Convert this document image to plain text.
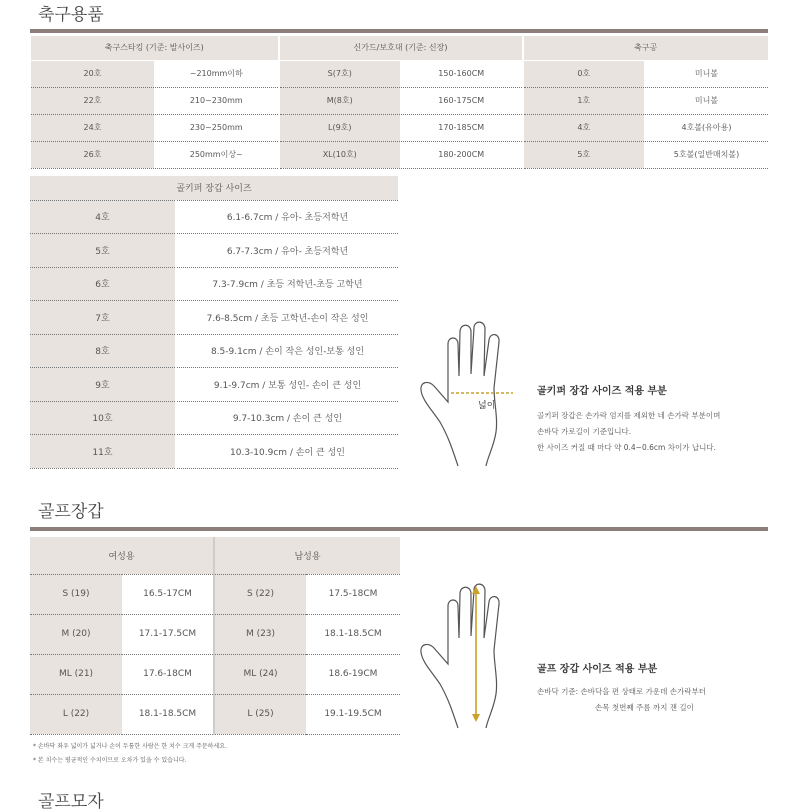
축구용품
축구스타킹 (기준: 발사이즈)		신가드/보호대 (기준: 신장)		축구공	
20호	~210mm이하	S(7호)	150-160CM	0호	미니볼
22호	210~230mm	M(8호)	160-175CM	1호	미니볼
24호	230~250mm	L(9호)	170-185CM	4호	4호볼(유아용)
26호	250mm이상~	XL(10호)	180-200CM	5호	5호볼(일반매치볼)
골키퍼 장갑 사이즈	
4호	6.1-6.7cm / 유아- 초등저학년
5호	6.7-7.3cm / 유아- 초등저학년
6호	7.3-7.9cm / 초등 저학년-초등 고학년
7호	7.6-8.5cm / 초등 고학년-손이 작은 성인
8호	8.5-9.1cm / 손이 작은 성인-보통 성인
9호	9.1-9.7cm / 보통 성인- 손이 큰 성인
10호	9.7-10.3cm / 손이 큰 성인
11호	10.3-10.9cm / 손이 큰 성인
넓이
골키퍼 장갑 사이즈 적용 부분
골키퍼 장갑은 손가락 엄지를 제외한 네 손가락 부분이며
손바닥 가로길이 기준입니다.
한 사이즈 커질 때 마다 약 0.4~0.6cm 차이가 납니다.
골프장갑
여성용		남성용	
S (19)	16.5-17CM	S (22)	17.5-18CM
M (20)	17.1-17.5CM	M (23)	18.1-18.5CM
ML (21)	17.6-18CM	ML (24)	18.6-19CM
L (22)	18.1-18.5CM	L (25)	19.1-19.5CM
골프 장갑 사이즈 적용 부분
손바닥 기준: 손바닥을 편 상태로 가운데 손가락부터
손목 첫번째 주름 까지 잰 길이
* 손바닥 좌우 넓이가 넓거나 손이 두툼한 사람은 한 치수 크게 주문하세요.
* 본 치수는 평균적인 수치이므로 오차가 있을 수 있습니다.
골프모자
